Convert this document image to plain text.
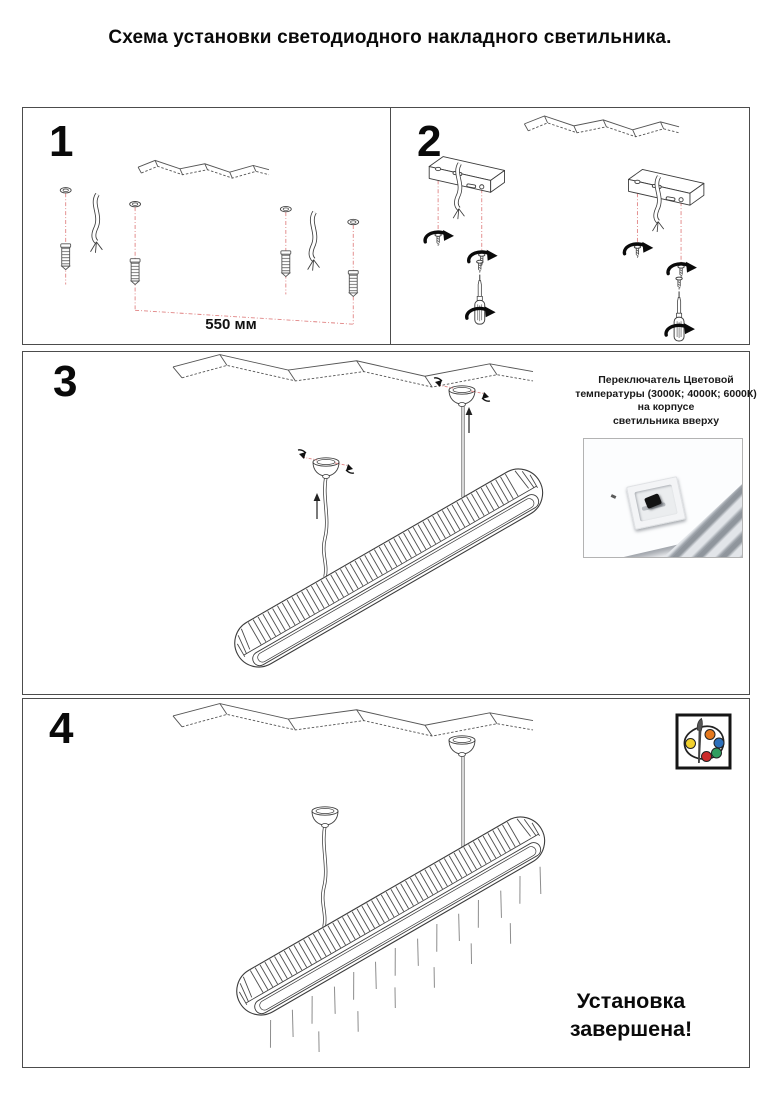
Схема установки светодиодного накладного светильника.
1
550 мм
2
3	Переключатель Цветовой
температуры (3000К; 4000К; 6000К)
на корпусе
светильника вверху
4
Установка
завершена!
